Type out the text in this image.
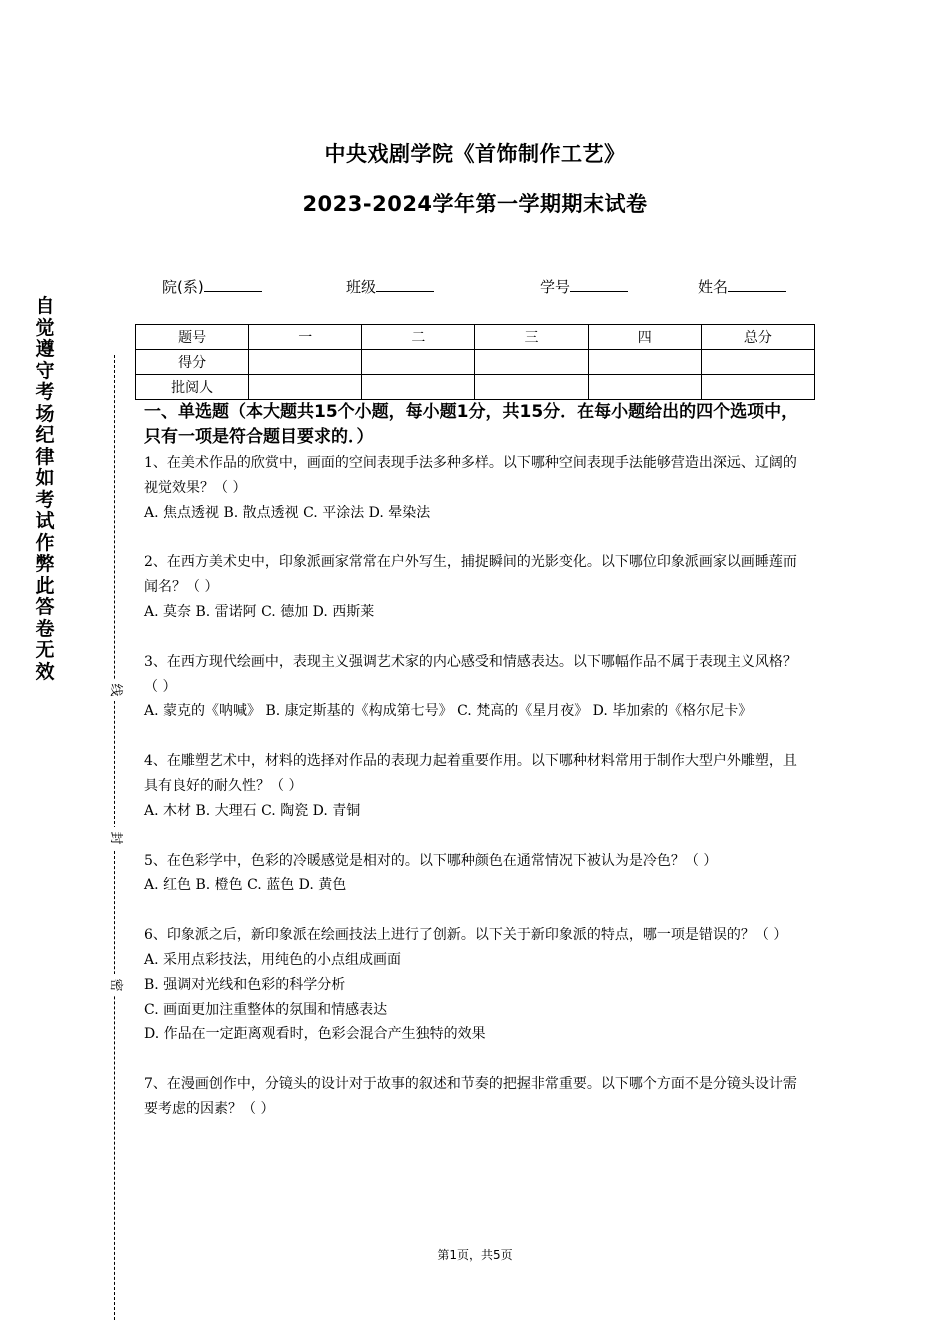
中央戏剧学院《首饰制作工艺》
2023-2024学年第一学期期末试卷
院(系)	班级	学号	姓名
题号	一	二	三	四	总分
得分					
批阅人					
自觉遵守考场纪律如考试作弊此答卷无效
线
封
密
一、单选题（本大题共15个小题，每小题1分，共15分．在每小题给出的四个选项中，只有一项是符合题目要求的．）

1、在美术作品的欣赏中，画面的空间表现手法多种多样。以下哪种空间表现手法能够营造出深远、辽阔的视觉效果？（ ）

A. 焦点透视 B. 散点透视 C. 平涂法 D. 晕染法

2、在西方美术史中，印象派画家常常在户外写生，捕捉瞬间的光影变化。以下哪位印象派画家以画睡莲而闻名？（ ）

A. 莫奈 B. 雷诺阿 C. 德加 D. 西斯莱

3、在西方现代绘画中，表现主义强调艺术家的内心感受和情感表达。以下哪幅作品不属于表现主义风格？（ ）

A. 蒙克的《呐喊》 B. 康定斯基的《构成第七号》 C. 梵高的《星月夜》 D. 毕加索的《格尔尼卡》

4、在雕塑艺术中，材料的选择对作品的表现力起着重要作用。以下哪种材料常用于制作大型户外雕塑，且具有良好的耐久性？（ ）

A. 木材 B. 大理石 C. 陶瓷 D. 青铜

5、在色彩学中，色彩的冷暖感觉是相对的。以下哪种颜色在通常情况下被认为是冷色？（ ）

A. 红色 B. 橙色 C. 蓝色 D. 黄色

6、印象派之后，新印象派在绘画技法上进行了创新。以下关于新印象派的特点，哪一项是错误的？（ ）

A. 采用点彩技法，用纯色的小点组成画面

B. 强调对光线和色彩的科学分析

C. 画面更加注重整体的氛围和情感表达

D. 作品在一定距离观看时，色彩会混合产生独特的效果

7、在漫画创作中，分镜头的设计对于故事的叙述和节奏的把握非常重要。以下哪个方面不是分镜头设计需要考虑的因素？（ ）

第1页，共5页
